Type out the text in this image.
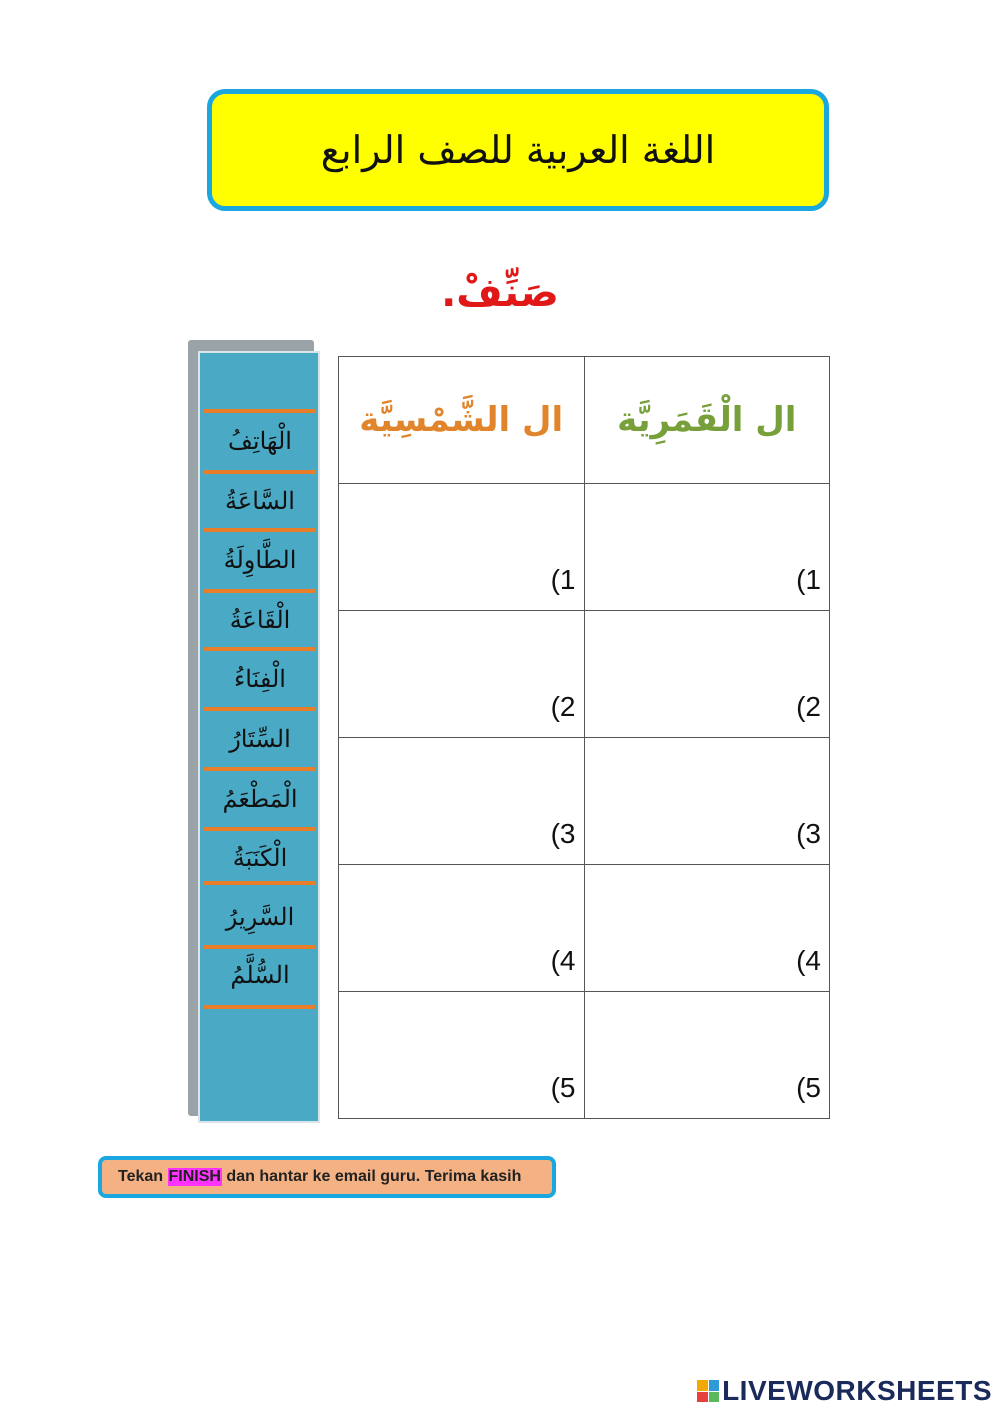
اللغة العربية للصف الرابع
صَنِّفْ.
الْهَاتِفُ
السَّاعَةُ
الطَّاوِلَةُ
الْقَاعَةُ
الْفِنَاءُ
السِّتَارُ
الْمَطْعَمُ
الْكَنَبَةُ
السَّرِيرُ
السُّلَّمُ
ال الشَّمْسِيَّة	ال الْقَمَرِيَّة

(1	(1

(2	(2

(3	(3

(4	(4

(5	(5
Tekan
FINISH
dan hantar ke email guru. Terima kasih
LIVEWORKSHEETS
